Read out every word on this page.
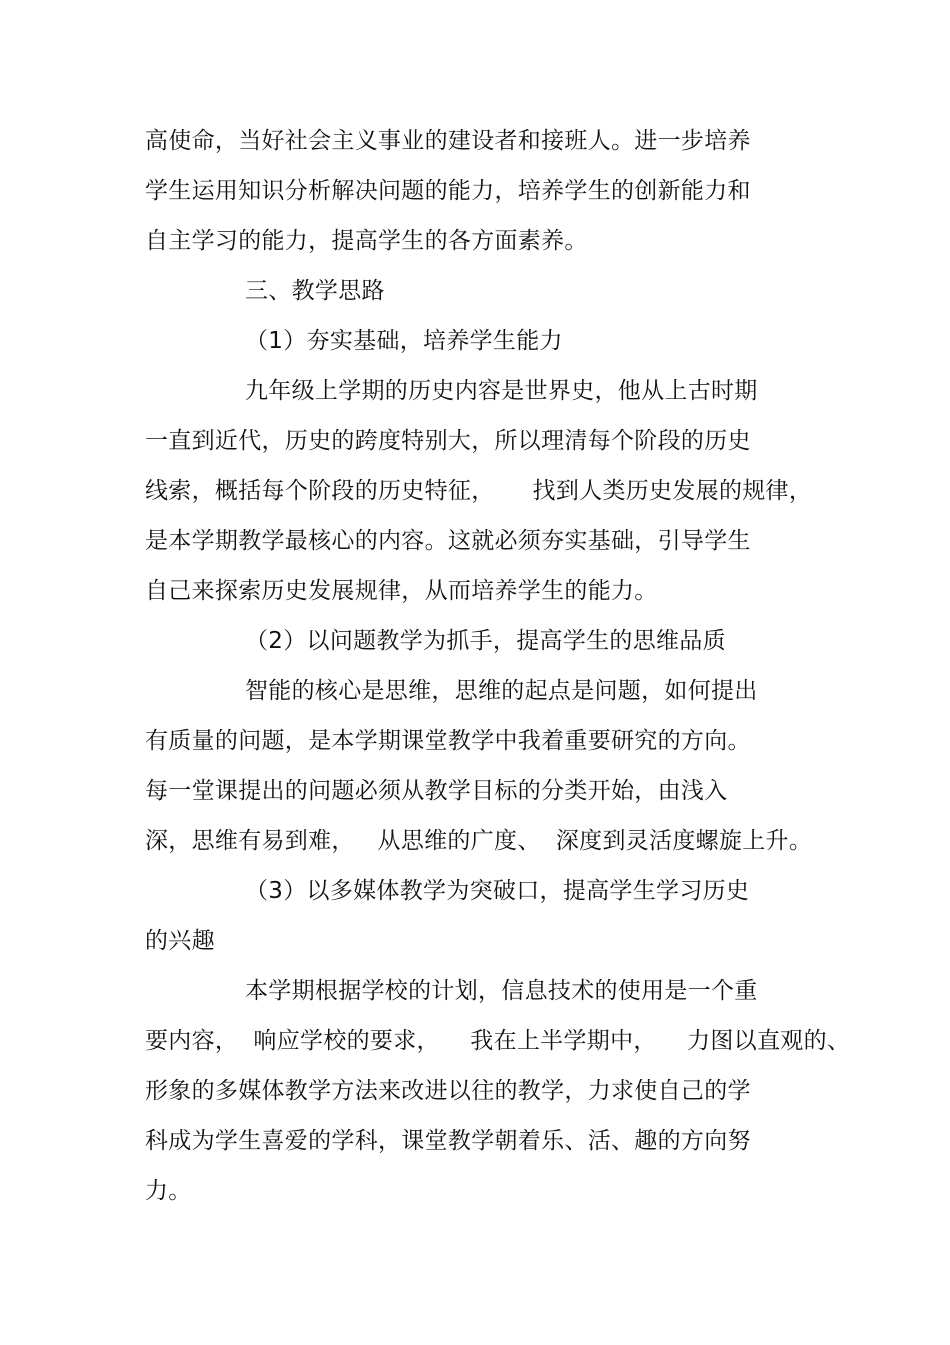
高使命，当好社会主义事业的建设者和接班人。进一步培养
学生运用知识分析解决问题的能力，培养学生的创新能力和
自主学习的能力，提高学生的各方面素养。
三、教学思路
（1）夯实基础，培养学生能力
九年级上学期的历史内容是世界史，他从上古时期
一直到近代，历史的跨度特别大，所以理清每个阶段的历史
线索，概括每个阶段的历史特征，     找到人类历史发展的规律，
是本学期教学最核心的内容。这就必须夯实基础，引导学生
自己来探索历史发展规律，从而培养学生的能力。
（2）以问题教学为抓手，提高学生的思维品质
智能的核心是思维，思维的起点是问题，如何提出
有质量的问题，是本学期课堂教学中我着重要研究的方向。
每一堂课提出的问题必须从教学目标的分类开始，由浅入
深，思维有易到难，   从思维的广度、  深度到灵活度螺旋上升。
（3）以多媒体教学为突破口，提高学生学习历史
的兴趣
本学期根据学校的计划，信息技术的使用是一个重
要内容，  响应学校的要求，    我在上半学期中，    力图以直观的、
形象的多媒体教学方法来改进以往的教学，力求使自己的学
科成为学生喜爱的学科，课堂教学朝着乐、活、趣的方向努
力。
